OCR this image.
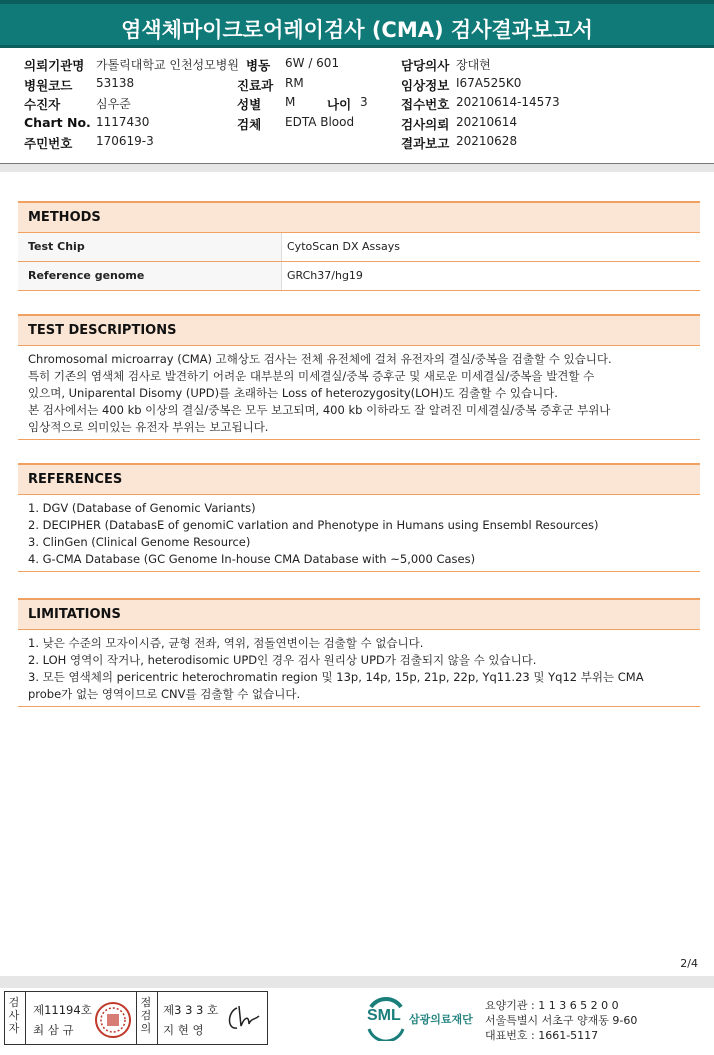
염색체마이크로어레이검사 (CMA) 검사결과보고서
의뢰기관명 가톨릭대학교 인천성모병원 병동 6W / 601	담당의사 장대현
병원코드 53138	진료과 RM	임상정보 I67A525K0
수진자	심우준	성별 M	나이 3	접수번호 20210614-14573
Chart No. 1117430	검체 EDTA Blood	검사의뢰 20210614
주민번호 170619-3	결과보고 20210628
METHODS
Test Chip	CytoScan DX Assays
Reference genome	GRCh37/hg19
TEST DESCRIPTIONS

Chromosomal microarray (CMA) 고해상도 검사는 전체 유전체에 걸쳐 유전자의 결실/중복을 검출할 수 있습니다.

특히 기존의 염색체 검사로 발견하기 어려운 대부분의 미세결실/중복 증후군 및 새로운 미세결실/중복을 발견할 수

있으며, Uniparental Disomy (UPD)를 초래하는 Loss of heterozygosity(LOH)도 검출할 수 있습니다.

본 검사에서는 400 kb 이상의 결실/중복은 모두 보고되며, 400 kb 이하라도 잘 알려진 미세결실/중복 증후군 부위나

임상적으로 의미있는 유전자 부위는 보고됩니다.

REFERENCES

1. DGV (Database of Genomic Variants)

2. DECIPHER (DatabasE of genomiC varIation and Phenotype in Humans using Ensembl Resources)

3. ClinGen (Clinical Genome Resource)

4. G-CMA Database (GC Genome In-house CMA Database with ~5,000 Cases)

LIMITATIONS

1. 낮은 수준의 모자이시즘, 균형 전좌, 역위, 점돌연변이는 검출할 수 없습니다.

2. LOH 영역이 작거나, heterodisomic UPD인 경우 검사 원리상 UPD가 검출되지 않을 수 있습니다.

3. 모든 염색체의 pericentric heterochromatin region 및 13p, 14p, 15p, 21p, 22p, Yq11.23 및 Yq12 부위는 CMA

probe가 없는 영역이므로 CNV를 검출할 수 없습니다.

2/4
검
사
자
제11194호
최 삼 규
점
검
의
제3 3 3 호
지 현 영
SML 삼광의료재단
요양기관 : 1 1 3 6 5 2 0 0
서울특별시 서초구 양재동 9-60
대표번호 : 1661-5117
